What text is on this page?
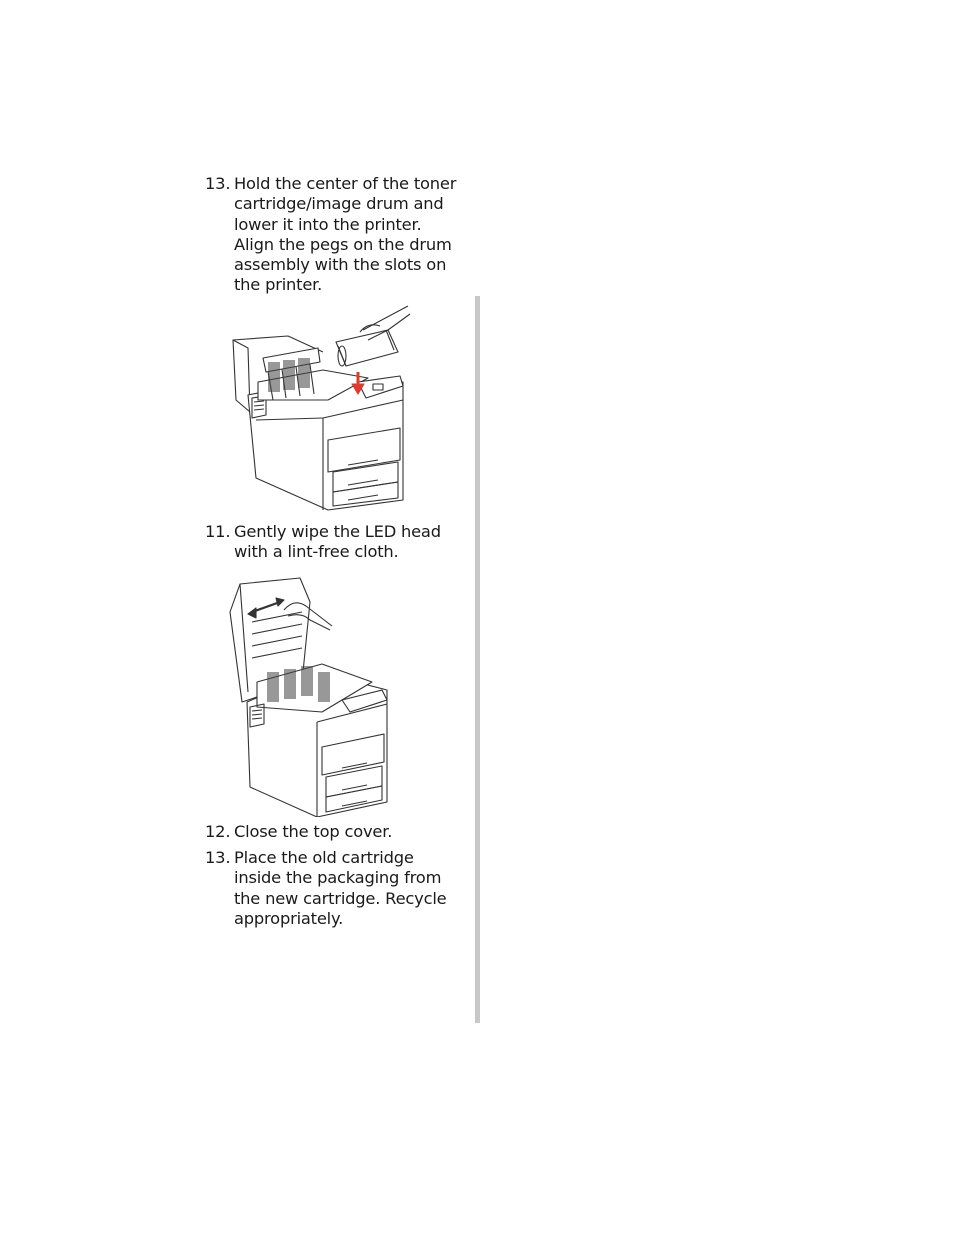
13. Hold the center of the toner cartridge/image drum and lower it into the printer. Align the pegs on the drum assembly with the slots on the printer.
11. Gently wipe the LED head with a lint-free cloth.
12. Close the top cover.
13. Place the old cartridge inside the packaging from the new cartridge. Recycle appropriately.
